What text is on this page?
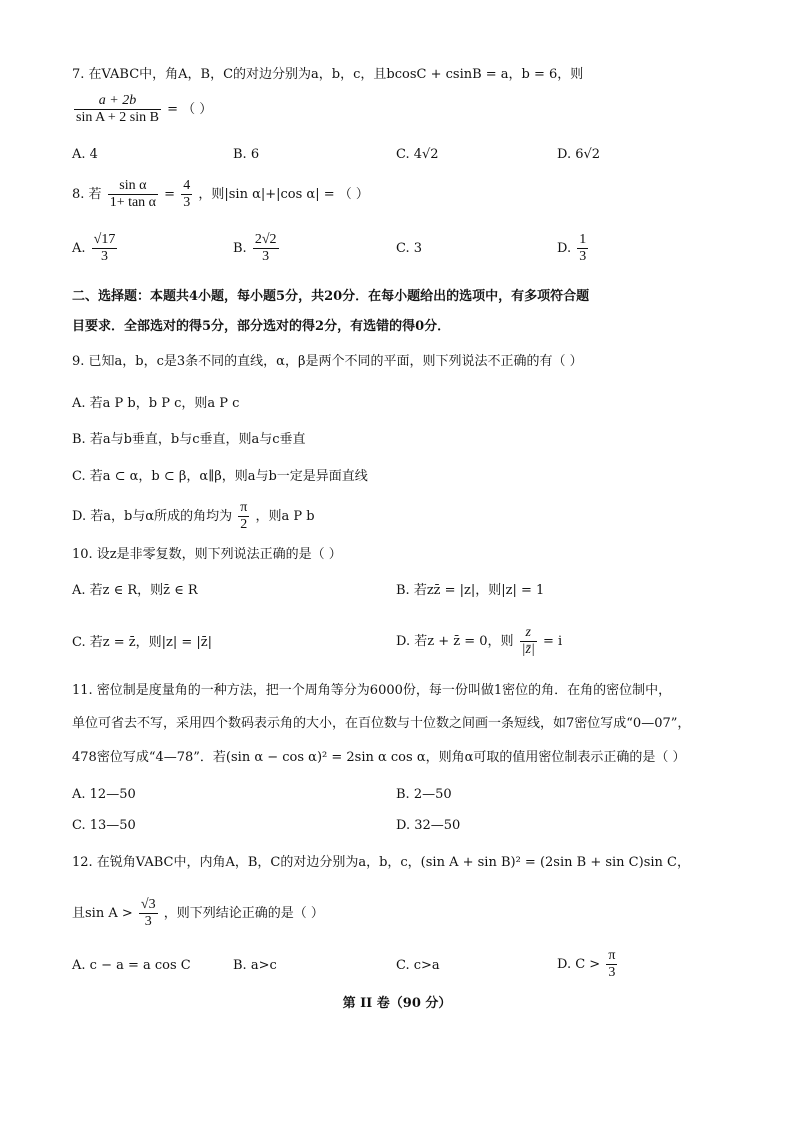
7. 在VABC中，角A，B，C的对边分别为a，b，c，且bcosC + csinB = a，b = 6，则
$\frac{a + 2b}{\text{sin A + 2 sin B}}$ = （ ）
A. 4	B. 6	C. 4√2	D. 6√2
8. 若 $\frac{\text{sin α}}{\text{1+ tan α}} = \frac{4}{3}$ ，则|sin α|+|cos α| = （ ）
A. $\frac{√17}{3}$	B. $\frac{2√2}{3}$	C. 3	D. $\frac{1}{3}$
二、选择题：本题共4小题，每小题5分，共20分．在每小题给出的选项中，有多项符合题
目要求．全部选对的得5分，部分选对的得2分，有选错的得0分．
9. 已知a，b，c是3条不同的直线，α，β是两个不同的平面，则下列说法不正确的有（ ）
A. 若a P b，b P c，则a P c
B. 若a与b垂直，b与c垂直，则a与c垂直
C. 若a ⊂ α，b ⊂ β，α∥β，则a与b一定是异面直线
D. 若a，b与α所成的角均为 $\frac{\pi}{2}$ ，则a P b
10. 设z是非零复数，则下列说法正确的是（ ）
A. 若z ∈ R，则z̄ ∈ R	B. 若zz̄ = |z|，则|z| = 1
C. 若z = z̄，则|z| = |z̄|	D. 若z + z̄ = 0，则 $\frac{z}{|z̄|} = i$
11. 密位制是度量角的一种方法，把一个周角等分为6000份，每一份叫做1密位的角．在角的密位制中，
单位可省去不写，采用四个数码表示角的大小，在百位数与十位数之间画一条短线，如7密位写成“0—07”，
478密位写成“4—78”．若(sin α − cos α)² = 2sin α cos α，则角α可取的值用密位制表示正确的是（ ）
A. 12—50	B. 2—50
C. 13—50	D. 32—50
12. 在锐角VABC中，内角A，B，C的对边分别为a，b，c，(sin A + sin B)² = (2sin B + sin C)sin C，
且$\sin A > \frac{√3}{3}$ ，则下列结论正确的是（ ）
A. c − a = a cos C	B. a>c	C. c>a	D. $C > \frac{\pi}{3}$
第 II 卷（90 分）
